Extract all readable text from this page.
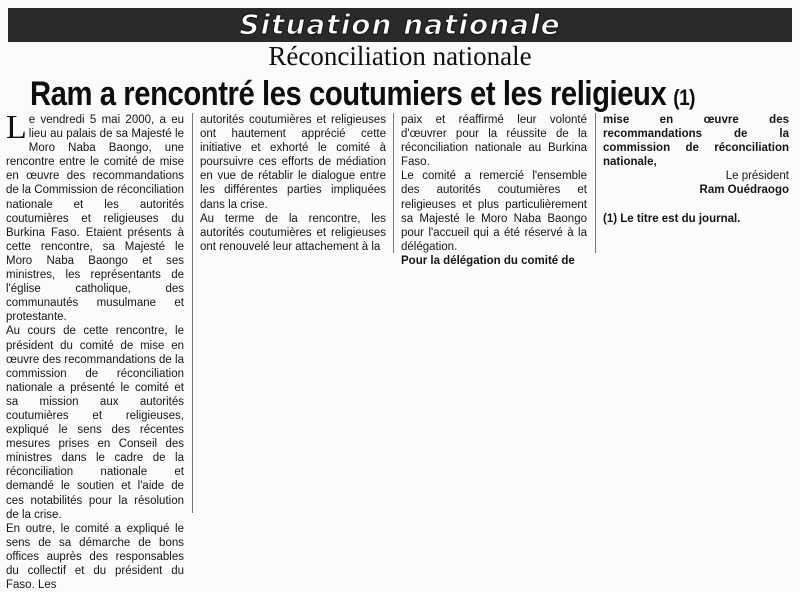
Situation nationale
Réconciliation nationale
Ram a rencontré les coutumiers et les religieux (1)

Le vendredi 5 mai 2000, a eu lieu au palais de sa Majesté le Moro Naba Baongo, une rencontre entre le comité de mise en œuvre des recommandations de la Commission de réconciliation nationale et les autorités coutumières et religieuses du Burkina Faso. Etaient présents à cette rencontre, sa Majesté le Moro Naba Baongo et ses ministres, les représentants de l'église catholique, des communautés musulmane et protestante.

Au cours de cette rencontre, le président du comité de mise en œuvre des recommandations de la commission de réconciliation nationale a présenté le comité et sa mission aux autorités coutumières et religieuses, expliqué le sens des récentes mesures prises en Conseil des ministres dans le cadre de la réconciliation nationale et demandé le soutien et l'aide de ces notabilités pour la résolution de la crise.

En outre, le comité a expliqué le sens de sa démarche de bons offices auprès des responsables du collectif et du président du Faso. Les

autorités coutumières et religieuses ont hautement apprécié cette initiative et exhorté le comité à poursuivre ces efforts de médiation en vue de rétablir le dialogue entre les différentes parties impliquées dans la crise.

Au terme de la rencontre, les autorités coutumières et religieuses ont renouvelé leur attachement à la

paix et réaffirmé leur volonté d'œuvrer pour la réussite de la réconciliation nationale au Burkina Faso.

Le comité a remercié l'ensemble des autorités coutumières et religieuses et plus particulièrement sa Majesté le Moro Naba Baongo pour l'accueil qui a été réservé à la délégation.

Pour la délégation du comité de

mise en œuvre des recommandations de la commission de réconciliation nationale,

Le président

Ram Ouédraogo

(1) Le titre est du journal.
